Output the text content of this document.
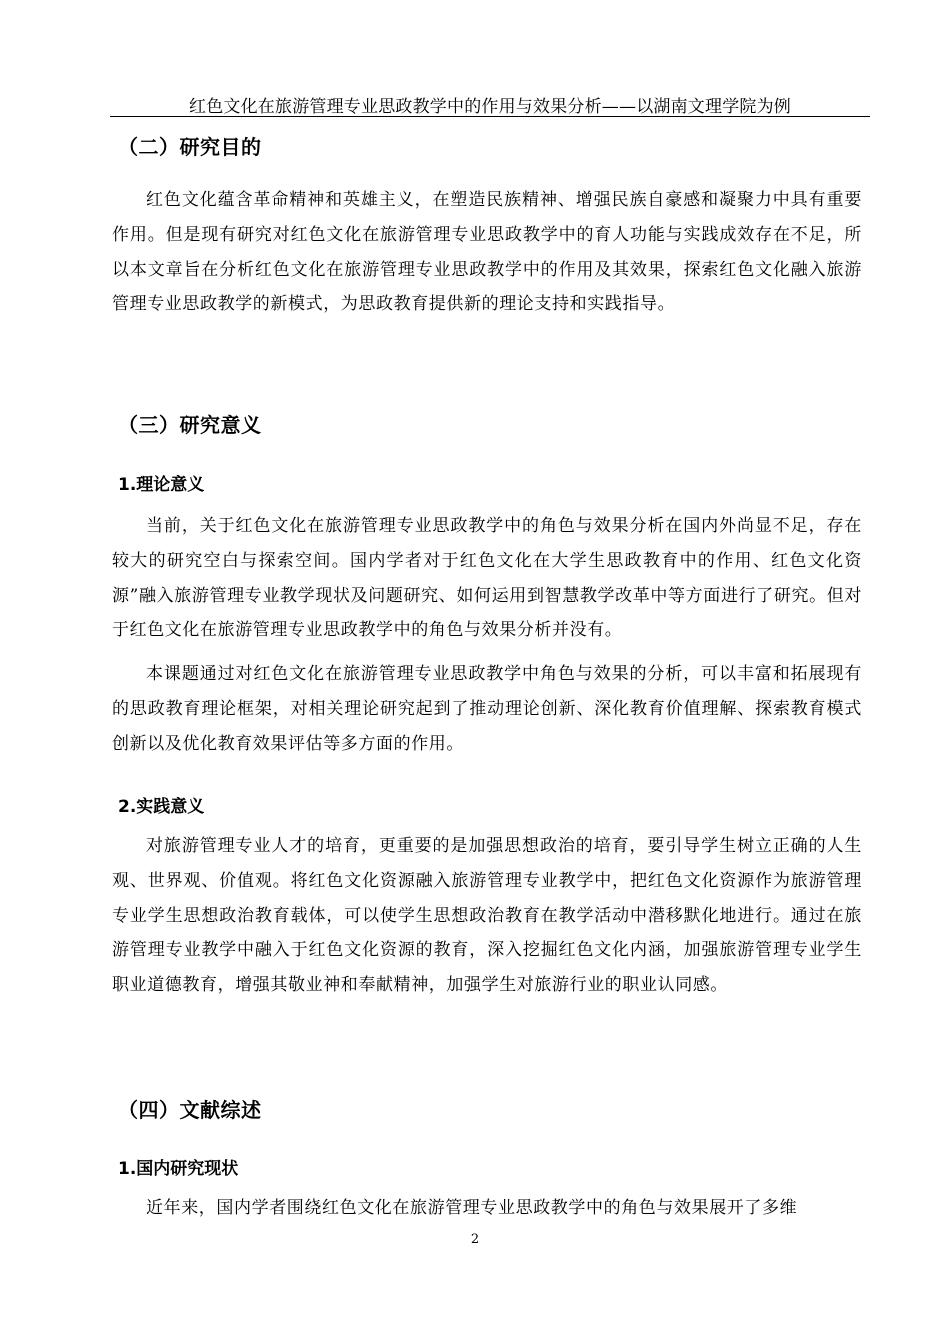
红色文化在旅游管理专业思政教学中的作用与效果分析——以湖南文理学院为例
（二）研究目的
红色文化蕴含革命精神和英雄主义，在塑造民族精神、增强民族自豪感和凝聚力中具有重要作用。但是现有研究对红色文化在旅游管理专业思政教学中的育人功能与实践成效存在不足，所以本文章旨在分析红色文化在旅游管理专业思政教学中的作用及其效果，探索红色文化融入旅游管理专业思政教学的新模式，为思政教育提供新的理论支持和实践指导。
（三）研究意义
1.理论意义
当前，关于红色文化在旅游管理专业思政教学中的角色与效果分析在国内外尚显不足，存在较大的研究空白与探索空间。国内学者对于红色文化在大学生思政教育中的作用、红色文化资源”融入旅游管理专业教学现状及问题研究、如何运用到智慧教学改革中等方面进行了研究。但对于红色文化在旅游管理专业思政教学中的角色与效果分析并没有。
本课题通过对红色文化在旅游管理专业思政教学中角色与效果的分析，可以丰富和拓展现有的思政教育理论框架，对相关理论研究起到了推动理论创新、深化教育价值理解、探索教育模式创新以及优化教育效果评估等多方面的作用。
2.实践意义
对旅游管理专业人才的培育，更重要的是加强思想政治的培育，要引导学生树立正确的人生观、世界观、价值观。将红色文化资源融入旅游管理专业教学中，把红色文化资源作为旅游管理专业学生思想政治教育载体，可以使学生思想政治教育在教学活动中潜移默化地进行。通过在旅游管理专业教学中融入于红色文化资源的教育，深入挖掘红色文化内涵，加强旅游管理专业学生职业道德教育，增强其敬业神和奉献精神，加强学生对旅游行业的职业认同感。
（四）文献综述
1.国内研究现状
近年来，国内学者围绕红色文化在旅游管理专业思政教学中的角色与效果展开了多维
2
